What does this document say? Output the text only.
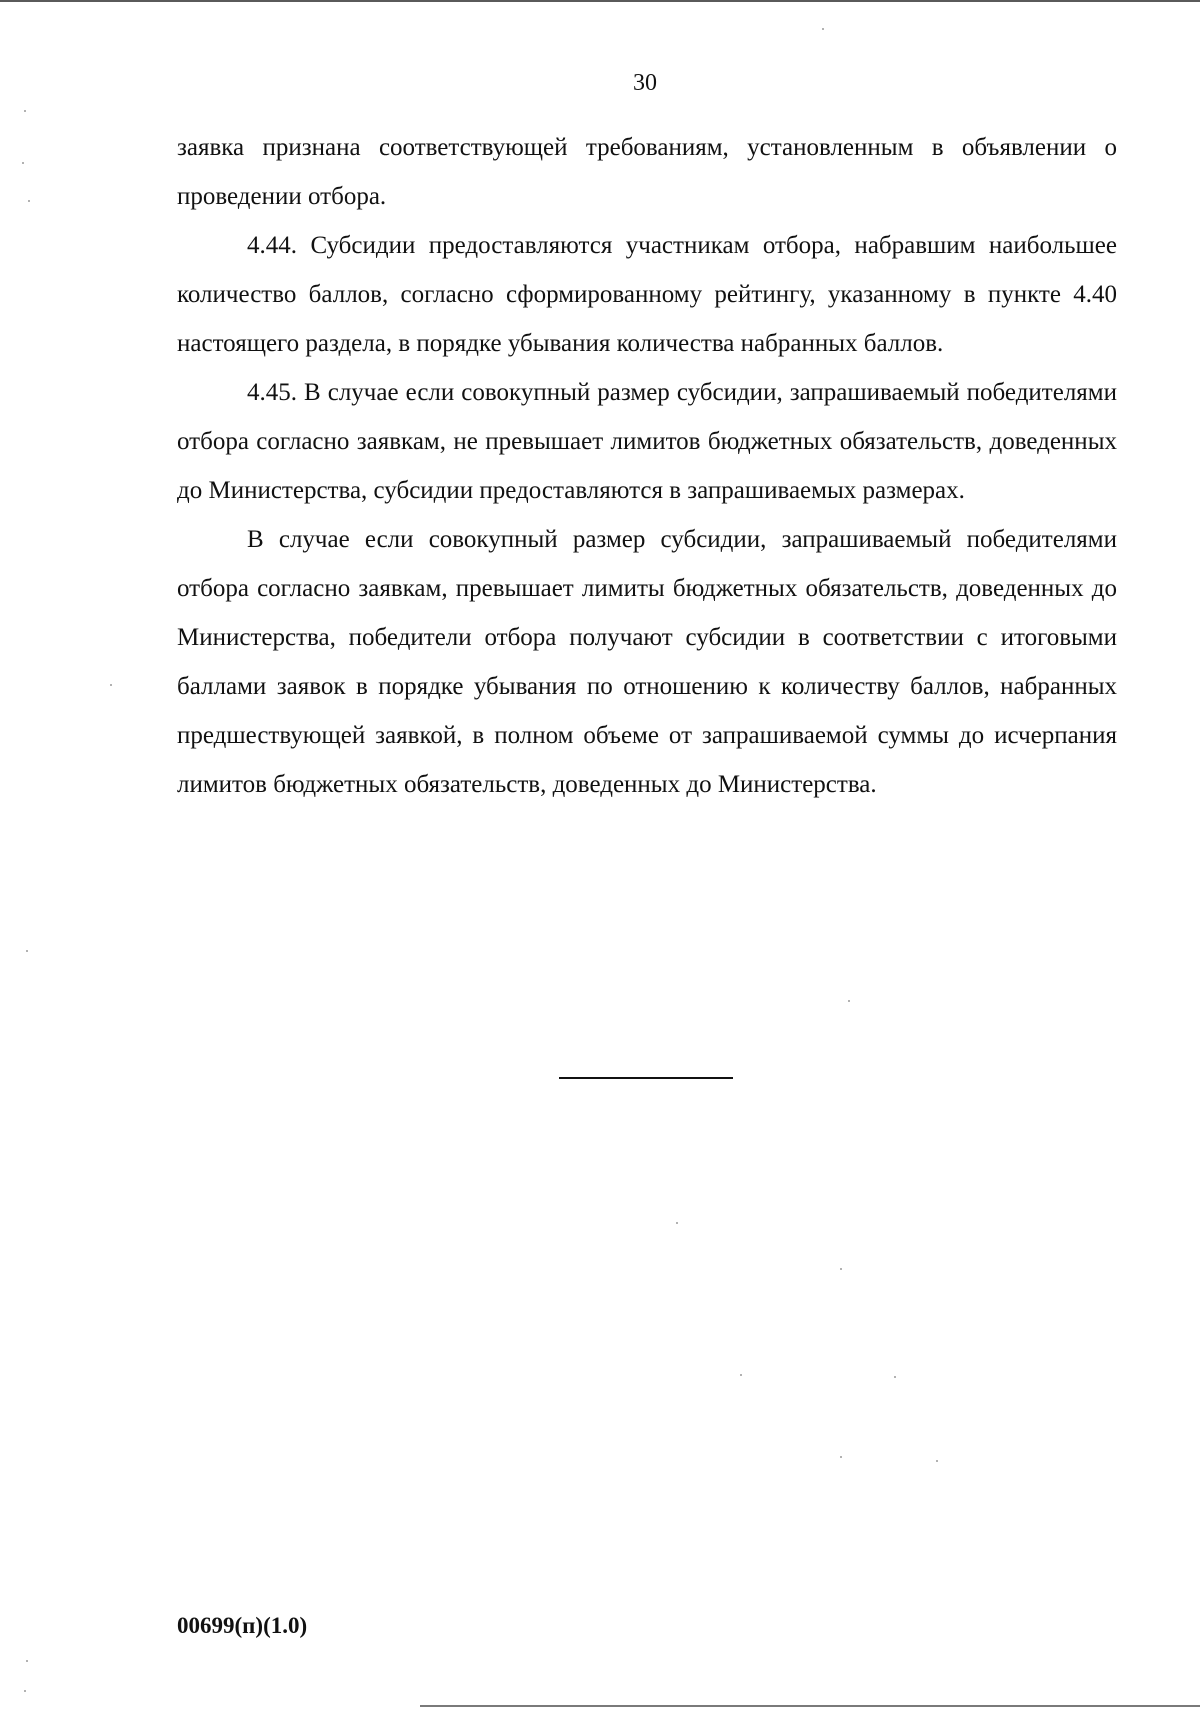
30

заявка признана соответствующей требованиям, установленным в объявлении о проведении отбора.

4.44. Субсидии предоставляются участникам отбора, набравшим наибольшее количество баллов, согласно сформированному рейтингу, указанному в пункте 4.40 настоящего раздела, в порядке убывания количества набранных баллов.

4.45. В случае если совокупный размер субсидии, запрашиваемый победителями отбора согласно заявкам, не превышает лимитов бюджетных обязательств, доведенных до Министерства, субсидии предоставляются в запрашиваемых размерах.

В случае если совокупный размер субсидии, запрашиваемый победителями отбора согласно заявкам, превышает лимиты бюджетных обязательств, доведенных до Министерства, победители отбора получают субсидии в соответствии с итоговыми баллами заявок в порядке убывания по отношению к количеству баллов, набранных предшествующей заявкой, в полном объеме от запрашиваемой суммы до исчерпания лимитов бюджетных обязательств, доведенных до Министерства.

00699(п)(1.0)
